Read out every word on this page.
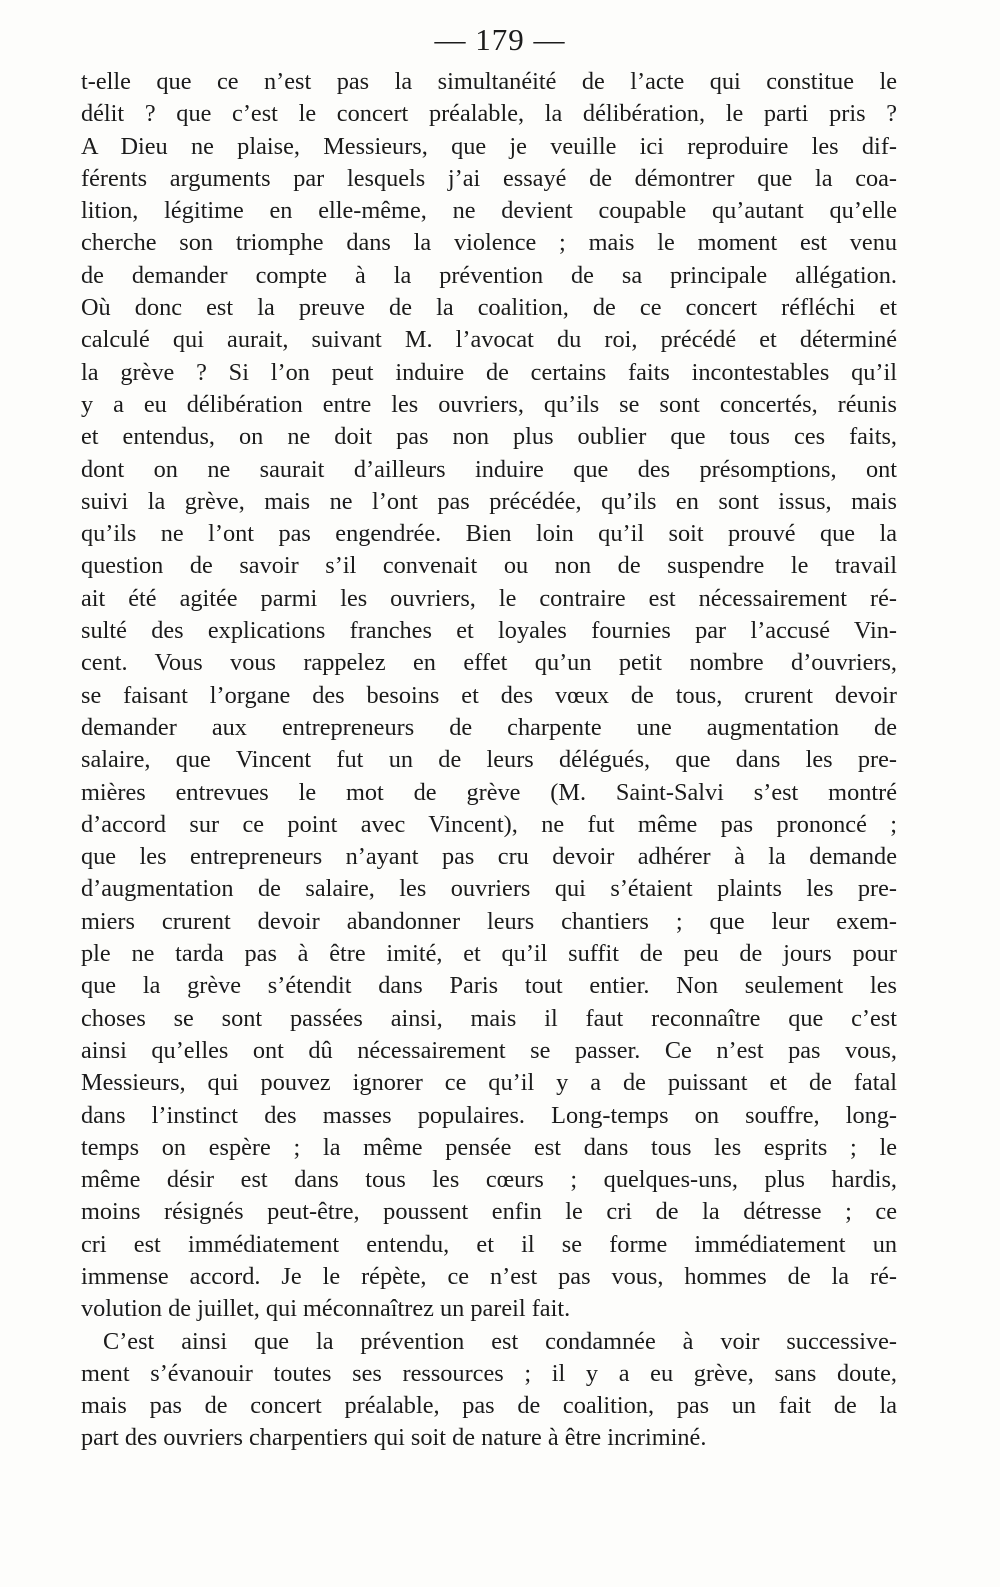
— 179 —
t-elle que ce n’est pas la simultanéité de l’acte qui constitue le
délit ? que c’est le concert préalable, la délibération, le parti pris ?
A Dieu ne plaise, Messieurs, que je veuille ici reproduire les dif-
férents arguments par lesquels j’ai essayé de démontrer que la coa-
lition, légitime en elle-même, ne devient coupable qu’autant qu’elle
cherche son triomphe dans la violence ; mais le moment est venu
de demander compte à la prévention de sa principale allégation.
Où donc est la preuve de la coalition, de ce concert réfléchi et
calculé qui aurait, suivant M. l’avocat du roi, précédé et déterminé
la grève ? Si l’on peut induire de certains faits incontestables qu’il
y a eu délibération entre les ouvriers, qu’ils se sont concertés, réunis
et entendus, on ne doit pas non plus oublier que tous ces faits,
dont on ne saurait d’ailleurs induire que des présomptions, ont
suivi la grève, mais ne l’ont pas précédée, qu’ils en sont issus, mais
qu’ils ne l’ont pas engendrée. Bien loin qu’il soit prouvé que la
question de savoir s’il convenait ou non de suspendre le travail
ait été agitée parmi les ouvriers, le contraire est nécessairement ré-
sulté des explications franches et loyales fournies par l’accusé Vin-
cent. Vous vous rappelez en effet qu’un petit nombre d’ouvriers,
se faisant l’organe des besoins et des vœux de tous, crurent devoir
demander aux entrepreneurs de charpente une augmentation de
salaire, que Vincent fut un de leurs délégués, que dans les pre-
mières entrevues le mot de grève (M. Saint-Salvi s’est montré
d’accord sur ce point avec Vincent), ne fut même pas prononcé ;
que les entrepreneurs n’ayant pas cru devoir adhérer à la demande
d’augmentation de salaire, les ouvriers qui s’étaient plaints les pre-
miers crurent devoir abandonner leurs chantiers ; que leur exem-
ple ne tarda pas à être imité, et qu’il suffit de peu de jours pour
que la grève s’étendit dans Paris tout entier. Non seulement les
choses se sont passées ainsi, mais il faut reconnaître que c’est
ainsi qu’elles ont dû nécessairement se passer. Ce n’est pas vous,
Messieurs, qui pouvez ignorer ce qu’il y a de puissant et de fatal
dans l’instinct des masses populaires. Long-temps on souffre, long-
temps on espère ; la même pensée est dans tous les esprits ; le
même désir est dans tous les cœurs ; quelques-uns, plus hardis,
moins résignés peut-être, poussent enfin le cri de la détresse ; ce
cri est immédiatement entendu, et il se forme immédiatement un
immense accord. Je le répète, ce n’est pas vous, hommes de la ré-
volution de juillet, qui méconnaîtrez un pareil fait.
C’est ainsi que la prévention est condamnée à voir successive-
ment s’évanouir toutes ses ressources ; il y a eu grève, sans doute,
mais pas de concert préalable, pas de coalition, pas un fait de la
part des ouvriers charpentiers qui soit de nature à être incriminé.
